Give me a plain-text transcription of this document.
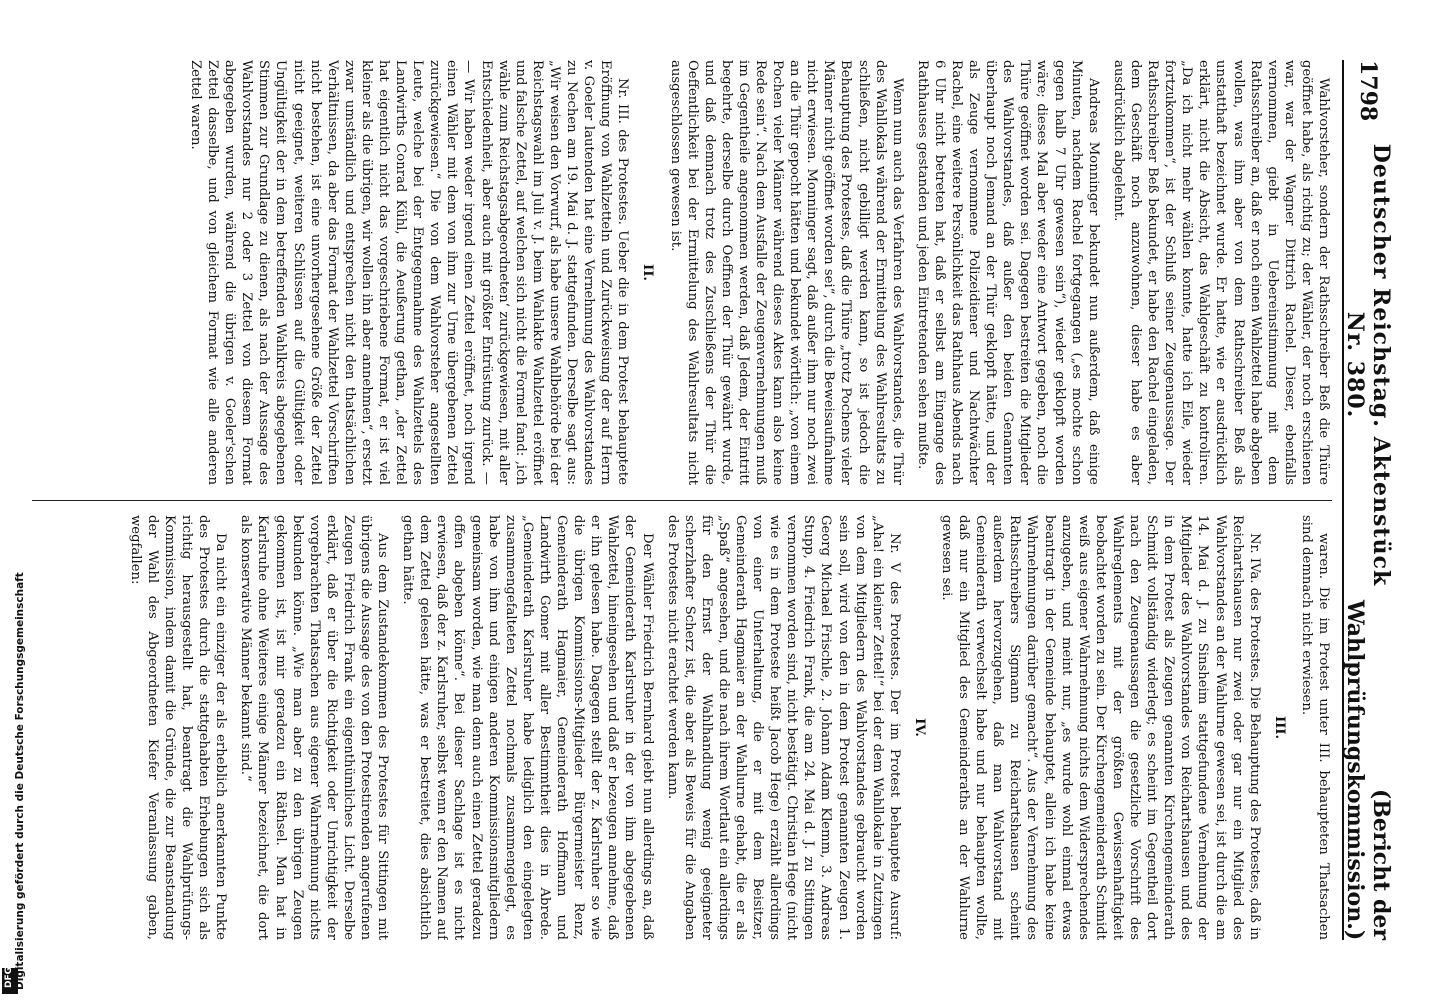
1798
Deutscher Reichstag. Aktenstück Nr. 380.
(Bericht der Wahlprüfungskommission.)

Wahlvorsteher, sondern der Rathsschreiber Beß die Thüre geöffnet habe, als richtig zu; der Wähler, der noch erschienen war, war der Wagner Dittrich Rachel. Dieser, ebenfalls vernommen, giebt in Uebereinstimmung mit dem Rathsschreiber an, daß er noch einen Wahlzettel habe abgeben wollen, was ihm aber von dem Rathschreiber Beß als unstatthaft bezeichnet wurde. Er hatte, wie er ausdrücklich erklärt, nicht die Absicht, das Wahlgeschäft zu kontroliren. „Da ich nicht mehr wählen konnte, hatte ich Eile, wieder fortzukommen“, ist der Schluß seiner Zeugenaussage. Der Rathsschreiber Beß bekundet, er habe den Rachel eingeladen, dem Geschäft noch anzuwohnen, dieser habe es aber ausdrücklich abgelehnt.

Andreas Monninger bekundet nun außerdem, daß einige Minuten, nachdem Rachel fortgegangen („es mochte schon gegen halb 7 Uhr gewesen sein“), wieder geklopft worden wäre; dieses Mal aber weder eine Antwort gegeben, noch die Thüre geöffnet worden sei. Dagegen bestreiten die Mitglieder des Wahlvorstandes, daß außer den beiden Genannten überhaupt noch Jemand an der Thür geklopft hätte, und der als Zeuge vernommene Polizeidiener und Nachtwächter Rachel, eine weitere Persönlichkeit das Rathhaus Abends nach 6 Uhr nicht betreten hat, daß er selbst am Eingange des Rathhauses gestanden und jeden Eintretenden sehen mußte.

Wenn nun auch das Verfahren des Wahlvorstandes, die Thür des Wahllokals während der Ermittelung des Wahlresultats zu schließen, nicht gebilligt werden kann, so ist jedoch die Behauptung des Protestes, daß die Thüre „trotz Pochens vieler Männer nicht geöffnet worden sei“, durch die Beweisaufnahme nicht erwiesen. Monninger sagt, daß außer ihm nur noch zwei an die Thür gepocht hätten und bekundet wörtlich: „von einem Pochen vieler Männer während dieses Aktes kann also keine Rede sein“. Nach dem Ausfalle der Zeugenvernehmungen muß im Gegentheile angenommen werden, daß Jedem, der Eintritt begehrte, derselbe durch Oeffnen der Thür gewährt wurde, und daß demnach trotz des Zuschließens der Thür die Oeffentlichkeit bei der Ermittelung des Wahlresultats nicht ausgeschlossen gewesen ist.

II.

Nr. III. des Protestes. Ueber die in dem Protest behauptete Eröffnung von Wahlzetteln und Zurückweisung der auf Herrn v. Goeler lautenden hat eine Vernehmung des Wahlvorstandes zu Nechen am 19. Mai d. J. stattgefunden. Derselbe sagt aus: „Wir weisen den Vorwurf, als habe unsere Wahlbehörde bei der Reichstagswahl im Juli v. J. beim Wahlakte Wahlzettel eröffnet und falsche Zettel, auf welchen sich nicht die Formel fand: ‚ich wähle zum Reichstagsabgeordneten‘ zurückgewiesen, mit aller Entschiedenheit, aber auch mit größter Entrüstung zurück. — — Wir haben weder irgend einen Zettel eröffnet, noch irgend einen Wähler mit dem von ihm zur Urne übergebenen Zettel zurückgewiesen.“ Die von dem Wahlvorsteher angestellten Leute, welche bei der Entgegennahme des Wahlzettels des Landwirths Conrad Kühl, die Aeußerung gethan, „der Zettel hat eigentlich nicht das vorgeschriebene Format, er ist viel kleiner als die übrigen, wir wollen ihn aber annehmen“, ersetzt zwar umständlich und entsprechen nicht den thatsächlichen Verhältnissen, da aber das Format der Wahlzettel Vorschriften nicht bestehen, ist eine unvorhergesehene Größe der Zettel nicht geeignet, weiteren Schlüssen auf die Gültigkeit oder Ungültigkeit der in dem betreffenden Wahlkreis abgegebenen Stimmen zur Grundlage zu dienen, als nach der Aussage des Wahlvorstandes nur 2 oder 3 Zettel von diesem Format abgegeben wurden, während die übrigen v. Goeler'schen Zettel dasselbe, und von gleichem Format wie alle anderen Zettel waren.

waren. Die im Protest unter III. behaupteten Thatsachen sind demnach nicht erwiesen.

III.

Nr. IVa. des Protestes. Die Behauptung des Protestes, daß in Reichartshausen nur zwei oder gar nur ein Mitglied des Wahlvorstandes an der Wahlurne gewesen sei, ist durch die am 14. Mai d. J. zu Sinsheim stattgefundene Vernehmung der Mitglieder des Wahlvorstandes von Reichartshausen und des in dem Protest als Zeugen genannten Kirchengemeinderath Schmidt vollständig widerlegt; es scheint im Gegentheil dort nach den Zeugenaussagen die gesetzliche Vorschrift des Wahlreglements mit der größten Gewissenhaftigkeit beobachtet worden zu sein. Der Kirchengemeinderath Schmidt weiß aus eigener Wahrnehmung nichts dem Widersprechendes anzugeben, und meint nur, „es wurde wohl einmal etwas beantragt in der Gemeinde behauptet, allein ich habe keine Wahrnehmungen darüber gemacht“. Aus der Vernehmung des Rathsschreibers Sigmann zu Reichartshausen scheint außerdem hervorzugehen, daß man Wahlvorstand mit Gemeinderath verwechselt habe und nur behaupten wollte, daß nur ein Mitglied des Gemeinderaths an der Wahlurne gewesen sei.

IV.

Nr. V des Protestes. Der im Protest behauptete Ausruf: „Aha! ein kleiner Zettel!“ bei der dem Wahllokale in Zutzingen von dem Mitgliedern des Wahlvorstandes gebraucht worden sein soll, wird von den in dem Protest genannten Zeugen 1. Georg Michael Frischle, 2. Johann Adam Klemm, 3. Andreas Stupp, 4. Friedrich Frank, die am 24. Mai d. J. zu Sittingen vernommen worden sind, nicht bestätigt. Christian Hege (nicht wie es in dem Proteste heißt Jacob Hege) erzählt allerdings von einer Unterhaltung, die er mit dem Beisitzer, Gemeinderath Hagmaier an der Wahlurne gehabt, die er als „Spaß“ angesehen, und die nach ihrem Wortlaut ein allerdings für den Ernst der Wahlhandlung wenig geeigneter scherzhafter Scherz ist, die aber als Beweis für die Angaben des Protestes nicht erachtet werden kann.

Der Wähler Friedrich Bernhard giebt nun allerdings an, daß der Gemeinderath Karlsruher in der von ihm abgegebenen Wahlzettel, hineingesehen und daß er bezeugen annehme, daß er ihn gelesen habe. Dagegen stellt der z. Karlsruher so wie die übrigen Kommissions-Mitglieder Bürgermeister Renz, Gemeinderath Hagmaier, Gemeinderath Hoffmann und Landwirth Gomer mit aller Bestimmtheit dies in Abrede. „Gemeinderath Karlsruher habe lediglich den eingelegten zusammengefalteten Zettel nochmals zusammengelegt, es habe von ihm und einigen anderen Kommissionsmitgliedern gemeinsam worden, wie man denn auch einen Zettel geradezu offen abgeben könne“. Bei dieser Sachlage ist es nicht erwiesen, daß der z. Karlsruher, selbst wenn er den Namen auf dem Zettel gelesen hätte, was er bestreitet, dies absichtlich gethan hätte.

Aus dem Zustandekommen des Protestes für Sittingen mit übrigens die Aussage des von den Protestirenden angerufenen Zeugen Friedrich Frank ein eigenthümliches Licht. Derselbe erklärt, daß er über die Richtigkeit oder Unrichtigkeit der vorgebrachten Thatsachen aus eigener Wahrnehmung nichts bekunden könne. „Wie man aber zu den übrigen Zeugen gekommen ist, ist mir geradezu ein Räthsel. Man hat in Karlsruhe ohne Weiteres einige Männer bezeichnet, die dort als konservative Männer bekannt sind.“

Da nicht ein einziger der als erheblich anerkannten Punkte des Protestes durch die stattgehabten Erhebungen sich als richtig herausgestellt hat, beantragt die Wahlprüfungs-Kommission, indem damit die Gründe, die zur Beanstandung der Wahl des Abgeordneten Kiefer Veranlassung gaben, wegfallen:

DFG Digitalisierung gefördert durch die Deutsche Forschungsgemeinschaft
